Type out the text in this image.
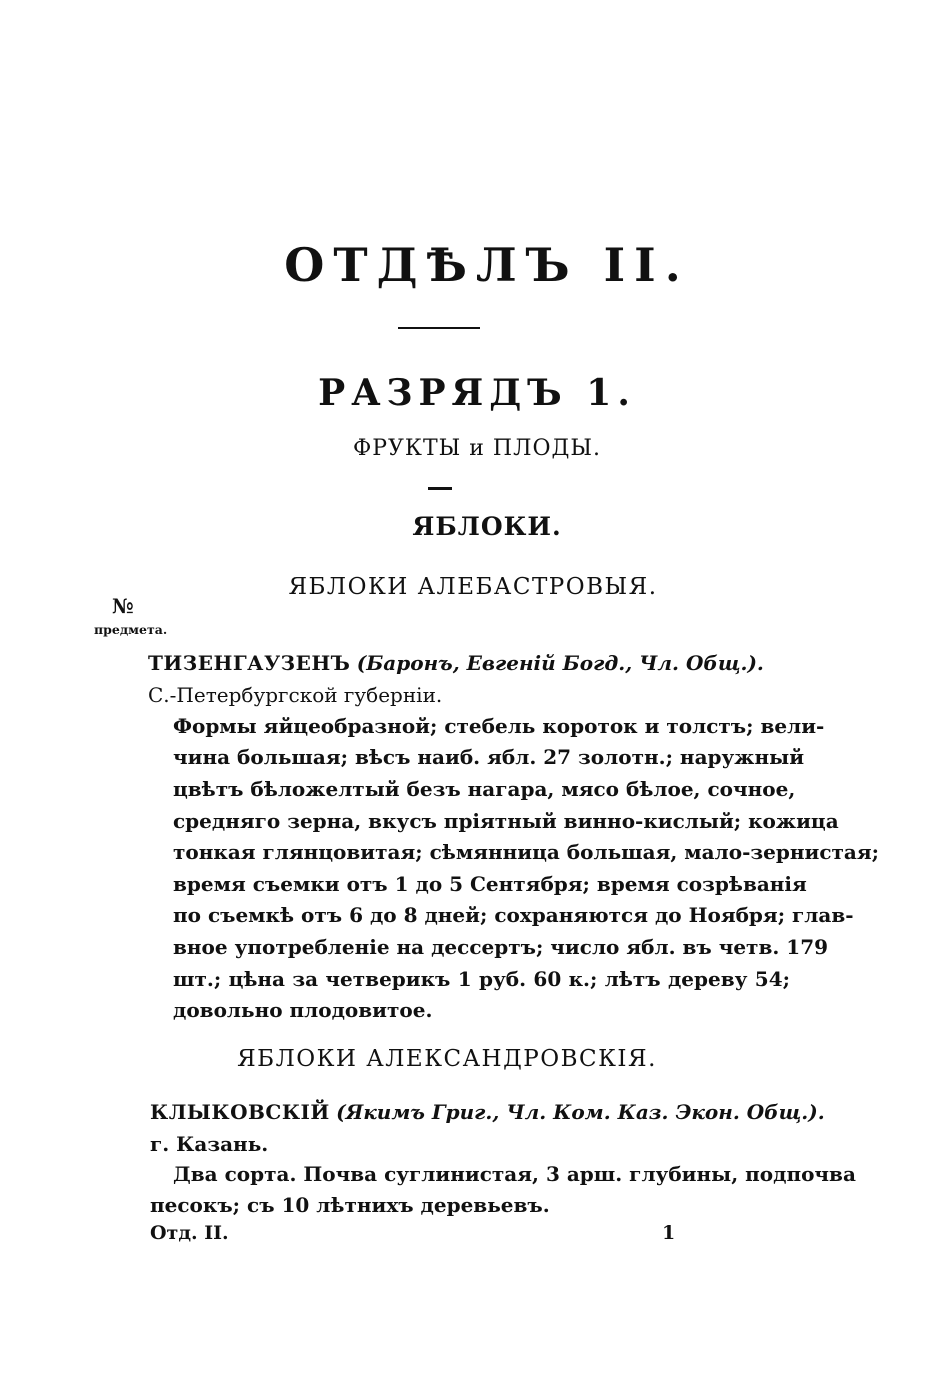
ОТДѢЛЪ II.
РАЗРЯДЪ 1.
ФРУКТЫ и ПЛОДЫ.
ЯБЛОКИ.
ЯБЛОКИ АЛЕБАСТРОВЫЯ.
№
предмета.
ТИЗЕНГАУЗЕНЪ (Баронъ, Евгеній Богд., Чл. Общ.).
С.-Петербургской губерніи.
Формы яйцеобразной; стебель короток и толстъ; вели-
чина большая; вѣсъ наиб. ябл. 27 золотн.; наружный
цвѣтъ бѣложелтый безъ нагара, мясо бѣлое, сочное,
средняго зерна, вкусъ пріятный винно-кислый; кожица
тонкая глянцовитая; сѣмянница большая, мало-зернистая;
время съемки отъ 1 до 5 Сентября; время созрѣванія
по съемкѣ отъ 6 до 8 дней; сохраняются до Ноября; глав-
вное употребленіе на дессертъ; число ябл. въ четв. 179
шт.; цѣна за четверикъ 1 руб. 60 к.; лѣтъ дереву 54;
довольно плодовитое.
ЯБЛОКИ АЛЕКСАНДРОВСКІЯ.
КЛЫКОВСКІЙ (Якимъ Григ., Чл. Ком. Каз. Экон. Общ.).
г. Казань.
Два сорта. Почва суглинистая, 3 арш. глубины, подпочва
песокъ; съ 10 лѣтнихъ деревьевъ.
Отд. II.	1
